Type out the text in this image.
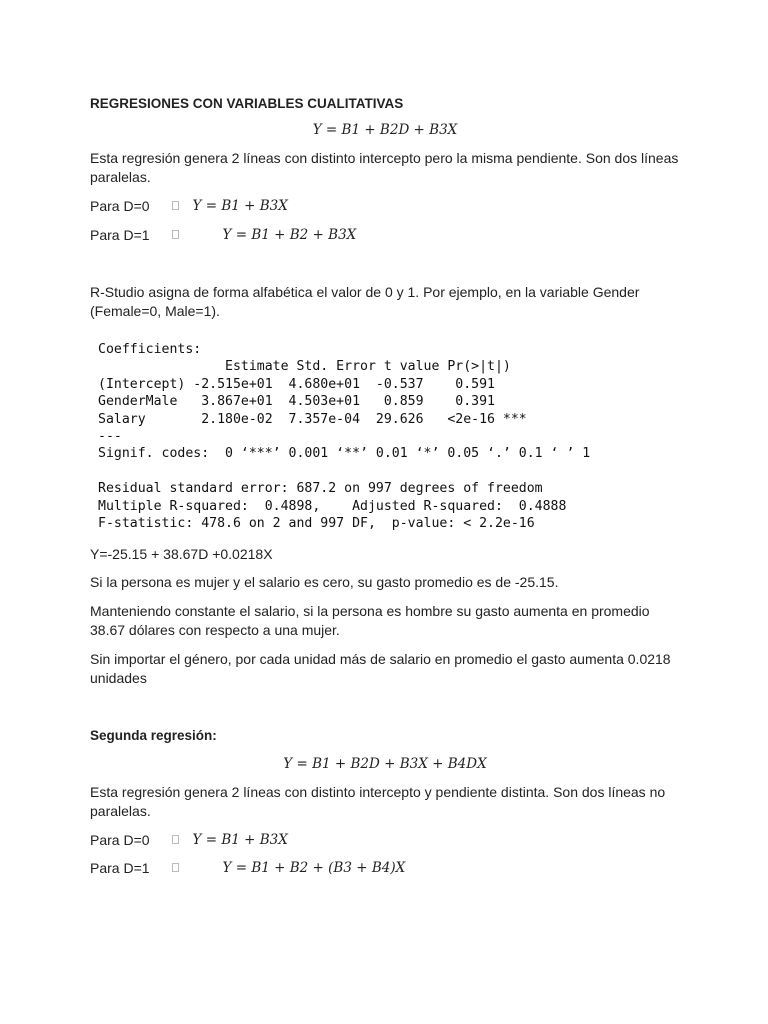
REGRESIONES CON VARIABLES CUALITATIVAS
Y = B1 + B2D + B3X
Esta regresión genera 2 líneas con distinto intercepto pero la misma pendiente. Son dos líneas paralelas.
Para D=0	Y = B1 + B3X
Para D=1	Y = B1 + B2 + B3X
R-Studio asigna de forma alfabética el valor de 0 y 1. Por ejemplo, en la variable Gender (Female=0, Male=1).
Y=-25.15 + 38.67D +0.0218X
Si la persona es mujer y el salario es cero, su gasto promedio es de -25.15.
Manteniendo constante el salario, si la persona es hombre su gasto aumenta en promedio 38.67 dólares con respecto a una mujer.
Sin importar el género, por cada unidad más de salario en promedio el gasto aumenta 0.0218 unidades
Segunda regresión:
Y = B1 + B2D + B3X + B4DX
Esta regresión genera 2 líneas con distinto intercepto y pendiente distinta. Son dos líneas no paralelas.
Para D=0	Y = B1 + B3X
Para D=1	Y = B1 + B2 + (B3 + B4)X
Coefficients:
Estimate Std. Error t value Pr(>|t|)
(Intercept) -2.515e+01  4.680e+01  -0.537    0.591
GenderMale   3.867e+01  4.503e+01   0.859    0.391
Salary       2.180e-02  7.357e-04  29.626   <2e-16 ***
---
Signif. codes:  0 ‘***’ 0.001 ‘**’ 0.01 ‘*’ 0.05 ‘.’ 0.1 ‘ ’ 1

Residual standard error: 687.2 on 997 degrees of freedom
Multiple R-squared:  0.4898,    Adjusted R-squared:  0.4888
F-statistic: 478.6 on 2 and 997 DF,  p-value: < 2.2e-16
